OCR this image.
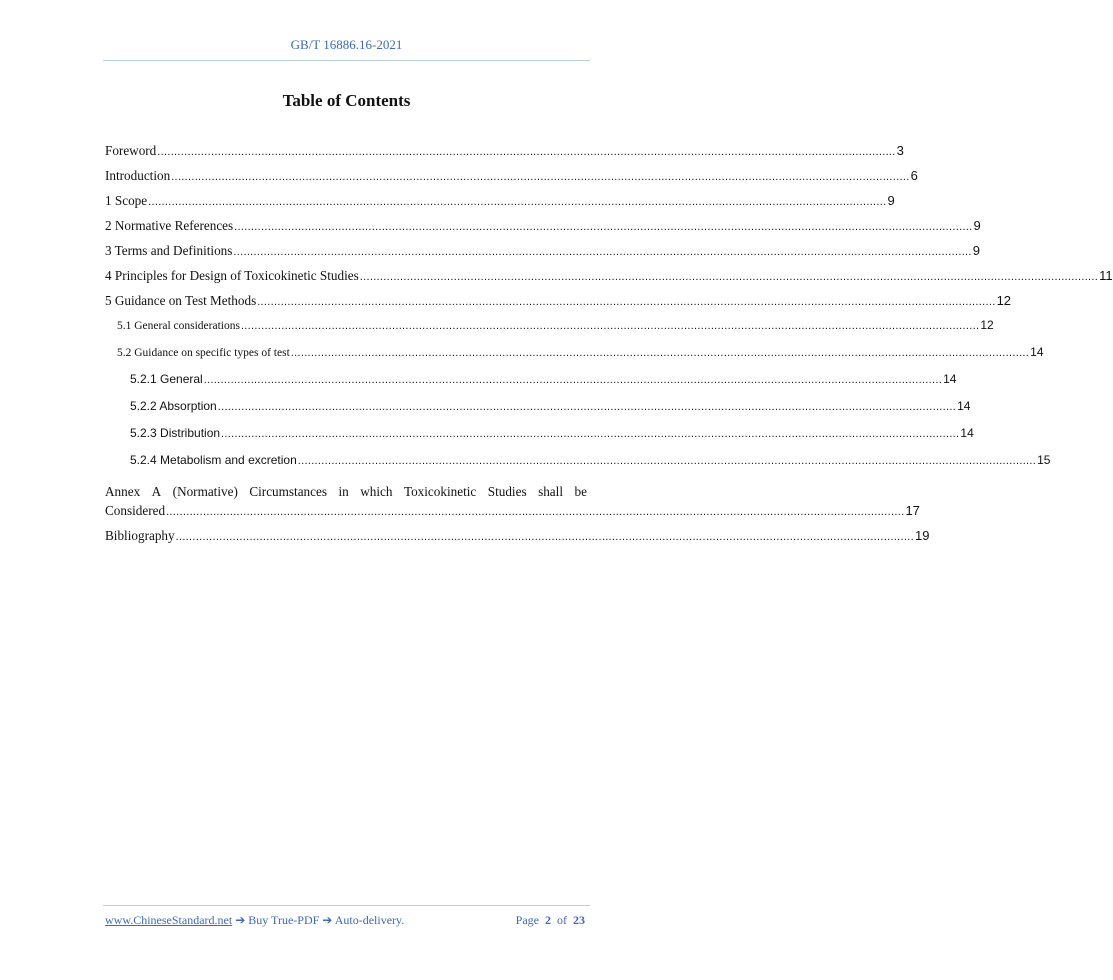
GB/T 16886.16-2021
Table of Contents
Foreword ............................................................................................................................................................................................................................ 3
Introduction ............................................................................................................................................................................................................................ 6
1 Scope ............................................................................................................................................................................................................................ 9
2 Normative References ............................................................................................................................................................................................................................ 9
3 Terms and Definitions ............................................................................................................................................................................................................................ 9
4 Principles for Design of Toxicokinetic Studies ............................................................................................................................................................................................................................ 11
5 Guidance on Test Methods ............................................................................................................................................................................................................................ 12
5.1 General considerations ............................................................................................................................................................................................................................ 12
5.2 Guidance on specific types of test ............................................................................................................................................................................................................................ 14
5.2.1 General ............................................................................................................................................................................................................................ 14
5.2.2 Absorption ............................................................................................................................................................................................................................ 14
5.2.3 Distribution ............................................................................................................................................................................................................................ 14
5.2.4 Metabolism and excretion ............................................................................................................................................................................................................................ 15
Annex A (Normative) Circumstances in which Toxicokinetic Studies shall be
Considered ............................................................................................................................................................................................................................ 17
Bibliography ............................................................................................................................................................................................................................ 19
www.ChineseStandard.net ➔ Buy True-PDF ➔ Auto-delivery.	Page 2 of 23
